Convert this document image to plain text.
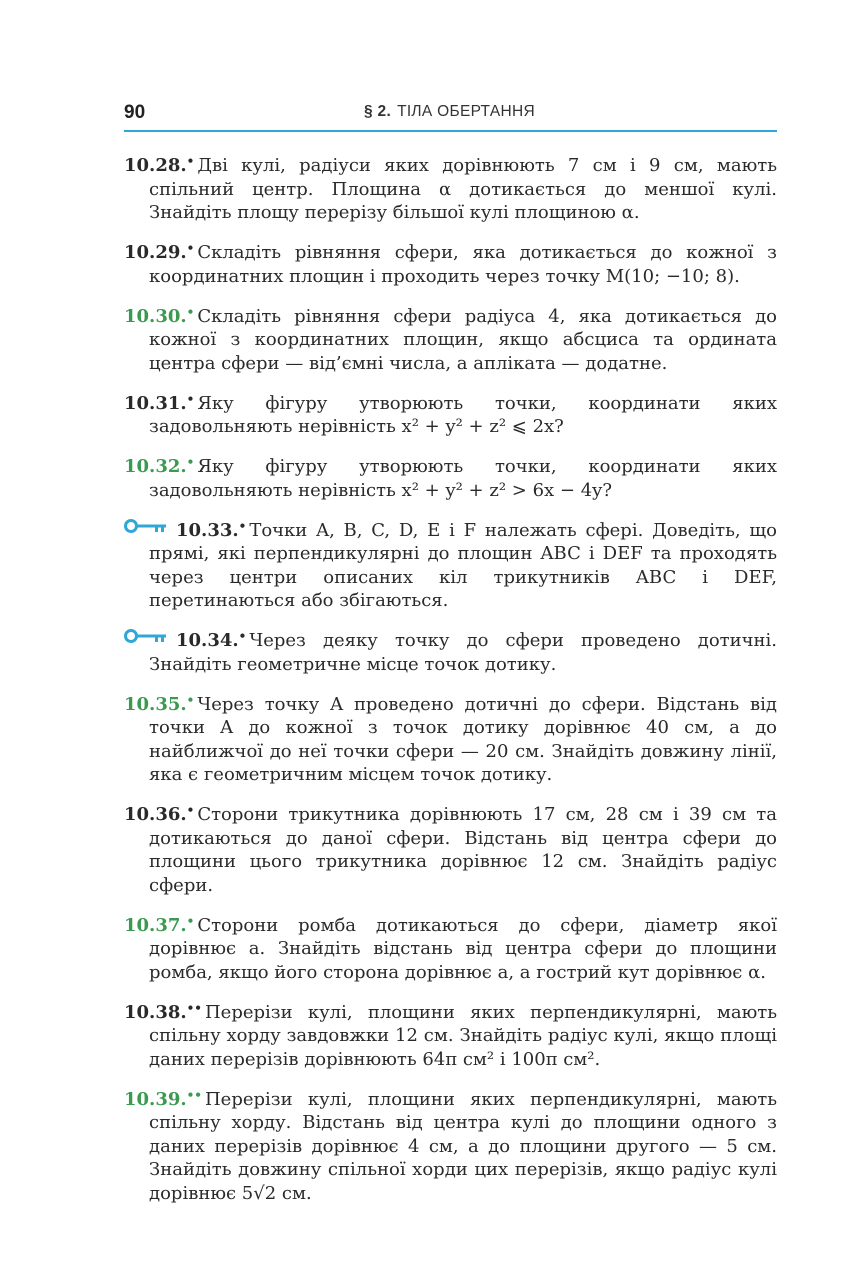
90	§ 2. ТІЛА ОБЕРТАННЯ
10.28.• Дві кулі, радіуси яких дорівнюють 7 см і 9 см, мають спільний центр. Площина α дотикається до меншої кулі. Знайдіть площу перерізу більшої кулі площиною α.
10.29.• Складіть рівняння сфери, яка дотикається до кожної з координатних площин і проходить через точку M(10; −10; 8).
10.30.• Складіть рівняння сфери радіуса 4, яка дотикається до кожної з координатних площин, якщо абсциса та ордината центра сфери — від’ємні числа, а апліката — додатне.
10.31.• Яку фігуру утворюють точки, координати яких задовольняють нерівність x² + y² + z² ⩽ 2x?
10.32.• Яку фігуру утворюють точки, координати яких задовольняють нерівність x² + y² + z² > 6x − 4y?
10.33.• Точки A, B, C, D, E і F належать сфері. Доведіть, що прямі, які перпендикулярні до площин ABC і DEF та проходять через центри описаних кіл трикутників ABC і DEF, перетинаються або збігаються.
10.34.• Через деяку точку до сфери проведено дотичні. Знайдіть геометричне місце точок дотику.
10.35.• Через точку A проведено дотичні до сфери. Відстань від точки A до кожної з точок дотику дорівнює 40 см, а до найближчої до неї точки сфери — 20 см. Знайдіть довжину лінії, яка є геометричним місцем точок дотику.
10.36.• Сторони трикутника дорівнюють 17 см, 28 см і 39 см та дотикаються до даної сфери. Відстань від центра сфери до площини цього трикутника дорівнює 12 см. Знайдіть радіус сфери.
10.37.• Сторони ромба дотикаються до сфери, діаметр якої дорівнює a. Знайдіть відстань від центра сфери до площини ромба, якщо його сторона дорівнює a, а гострий кут дорівнює α.
10.38.•• Перерізи кулі, площини яких перпендикулярні, мають спільну хорду завдовжки 12 см. Знайдіть радіус кулі, якщо площі даних перерізів дорівнюють 64π см² і 100π см².
10.39.•• Перерізи кулі, площини яких перпендикулярні, мають спільну хорду. Відстань від центра кулі до площини одного з даних перерізів дорівнює 4 см, а до площини другого — 5 см. Знайдіть довжину спільної хорди цих перерізів, якщо радіус кулі дорівнює 5√2 см.
